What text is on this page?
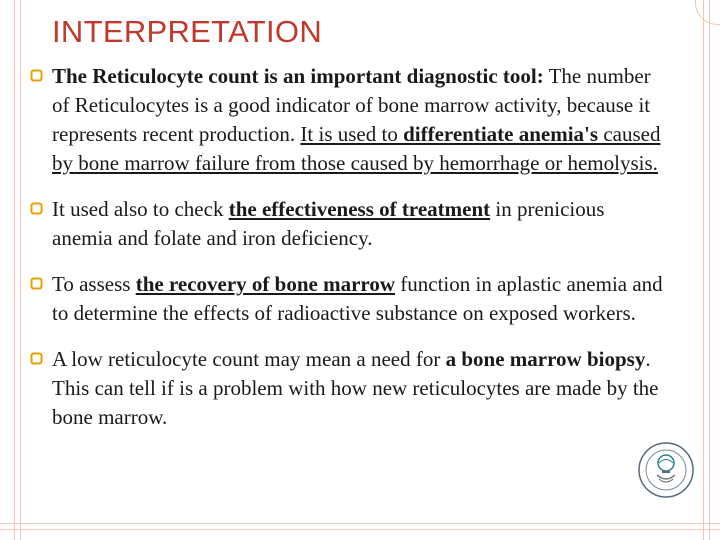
INTERPRETATION
The Reticulocyte count is an important diagnostic tool: The number of Reticulocytes is a good indicator of bone marrow activity, because it represents recent production. It is used to differentiate anemia's caused by bone marrow failure from those caused by hemorrhage or hemolysis.
It used also to check the effectiveness of treatment in prenicious anemia and folate and iron deficiency.
To assess the recovery of bone marrow function in aplastic anemia and to determine the effects of radioactive substance on exposed workers.
A low reticulocyte count may mean a need for a bone marrow biopsy. This can tell if is a problem with how new reticulocytes are made by the bone marrow.
